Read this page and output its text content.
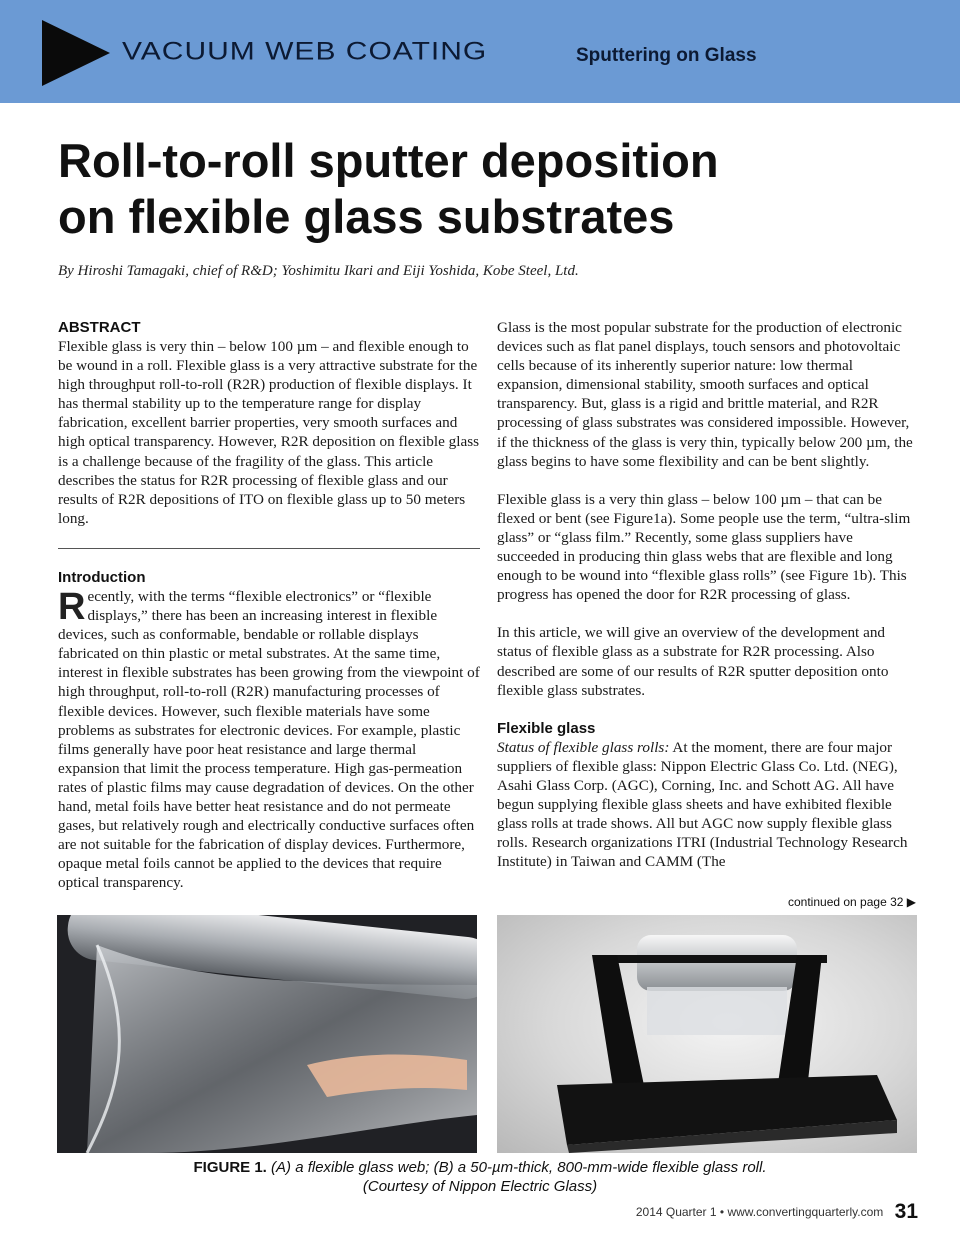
VACUUM WEB COATING	Sputtering on Glass
Roll-to-roll sputter deposition
on flexible glass substrates
By Hiroshi Tamagaki, chief of R&D; Yoshimitu Ikari and Eiji Yoshida, Kobe Steel, Ltd.
ABSTRACT

Flexible glass is very thin – below 100 µm – and flexible enough to be wound in a roll. Flexible glass is a very attractive substrate for the high throughput roll-to-roll (R2R) production of flexible displays. It has thermal stability up to the temperature range for display fabrication, excellent barrier properties, very smooth surfaces and high optical transparency. However, R2R deposition on flexible glass is a challenge because of the fragility of the glass. This article describes the status for R2R processing of flexible glass and our results of R2R depositions of ITO on flexible glass up to 50 meters long.

Introduction

Recently, with the terms “flexible electronics” or “flexible displays,” there has been an increasing interest in flexible devices, such as conformable, bendable or rollable displays fabricated on thin plastic or metal substrates. At the same time, interest in flexible substrates has been growing from the viewpoint of high throughput, roll-to-roll (R2R) manufacturing processes of flexible devices. However, such flexible materials have some problems as substrates for electronic devices. For example, plastic films generally have poor heat resistance and large thermal expansion that limit the process temperature. High gas-permeation rates of plastic films may cause degradation of devices. On the other hand, metal foils have better heat resistance and do not permeate gases, but relatively rough and electrically conductive surfaces often are not suitable for the fabrication of display devices. Furthermore, opaque metal foils cannot be applied to the devices that require optical transparency.

Glass is the most popular substrate for the production of electronic devices such as flat panel displays, touch sensors and photovoltaic cells because of its inherently superior nature: low thermal expansion, dimensional stability, smooth surfaces and optical transparency. But, glass is a rigid and brittle material, and R2R processing of glass substrates was considered impossible. However, if the thickness of the glass is very thin, typically below 200 µm, the glass begins to have some flexibility and can be bent slightly.

Flexible glass is a very thin glass – below 100 µm – that can be flexed or bent (see Figure1a). Some people use the term, “ultra-slim glass” or “glass film.” Recently, some glass suppliers have succeeded in producing thin glass webs that are flexible and long enough to be wound into “flexible glass rolls” (see Figure 1b). This progress has opened the door for R2R processing of glass.

In this article, we will give an overview of the development and status of flexible glass as a substrate for R2R processing. Also described are some of our results of R2R sputter deposition onto flexible glass substrates.

Flexible glass

Status of flexible glass rolls: At the moment, there are four major suppliers of flexible glass: Nippon Electric Glass Co. Ltd. (NEG), Asahi Glass Corp. (AGC), Corning, Inc. and Schott AG. All have begun supplying flexible glass sheets and have exhibited flexible glass rolls at trade shows. All but AGC now supply flexible glass rolls. Research organizations ITRI (Industrial Technology Research Institute) in Taiwan and CAMM (The

continued on page 32 ▶
FIGURE 1. (A) a flexible glass web; (B) a 50-µm-thick, 800-mm-wide flexible glass roll.
(Courtesy of Nippon Electric Glass)
2014 Quarter 1 • www.convertingquarterly.com 31
